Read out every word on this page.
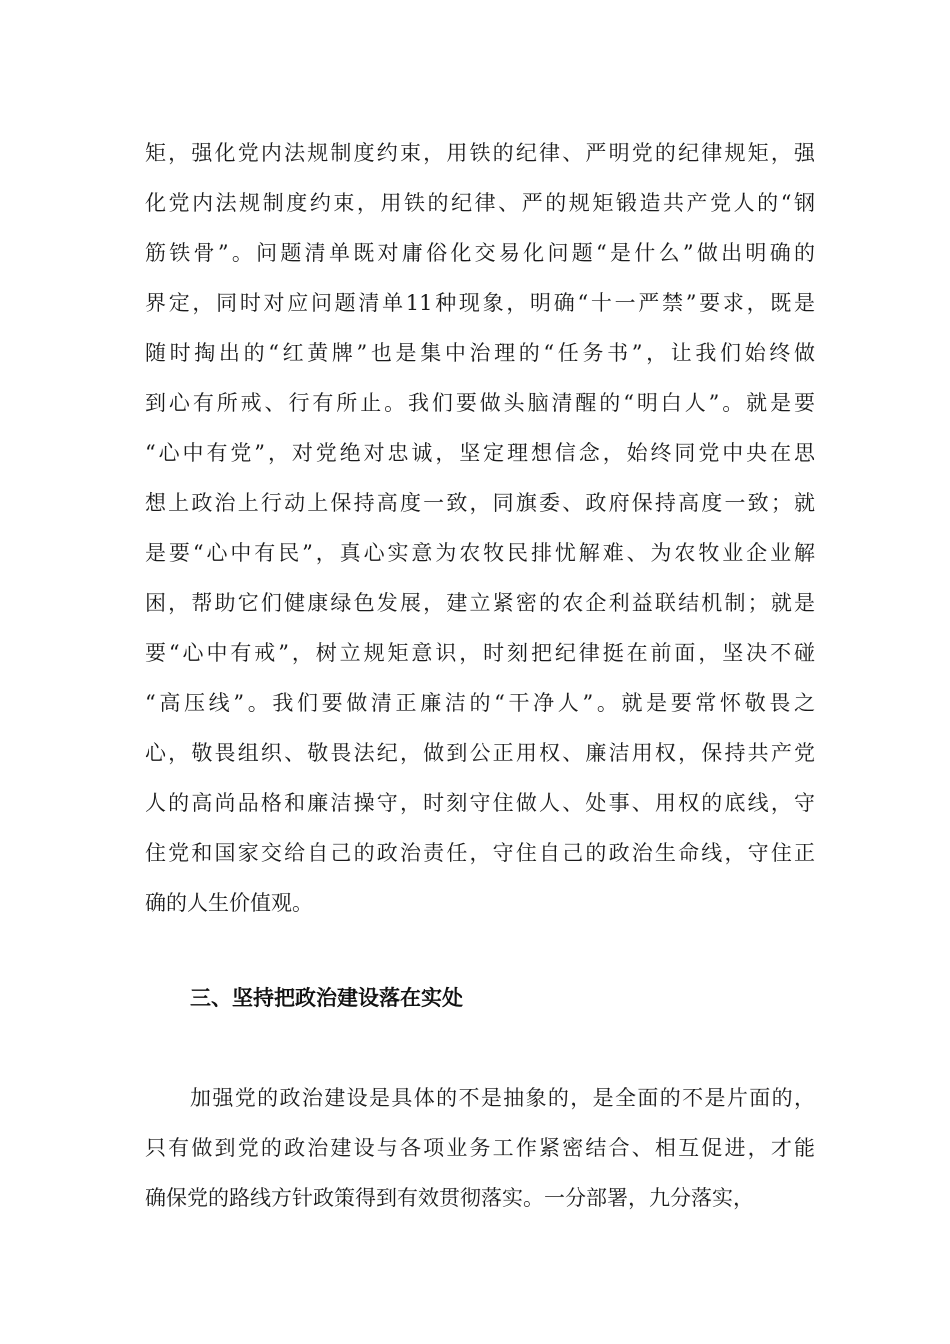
矩，强化党内法规制度约束，用铁的纪律、严明党的纪律规矩，强
化党内法规制度约束，用铁的纪律、严的规矩锻造共产党人的“钢
筋铁骨”。问题清单既对庸俗化交易化问题“是什么”做出明确的
界定，同时对应问题清单11种现象，明确“十一严禁”要求，既是
随时掏出的“红黄牌”也是集中治理的“任务书”，让我们始终做
到心有所戒、行有所止。我们要做头脑清醒的“明白人”。就是要
“心中有党”，对党绝对忠诚，坚定理想信念，始终同党中央在思
想上政治上行动上保持高度一致，同旗委、政府保持高度一致；就
是要“心中有民”，真心实意为农牧民排忧解难、为农牧业企业解
困，帮助它们健康绿色发展，建立紧密的农企利益联结机制；就是
要“心中有戒”，树立规矩意识，时刻把纪律挺在前面，坚决不碰
“高压线”。我们要做清正廉洁的“干净人”。就是要常怀敬畏之
心，敬畏组织、敬畏法纪，做到公正用权、廉洁用权，保持共产党
人的高尚品格和廉洁操守，时刻守住做人、处事、用权的底线，守
住党和国家交给自己的政治责任，守住自己的政治生命线，守住正
确的人生价值观。
三、坚持把政治建设落在实处
加强党的政治建设是具体的不是抽象的，是全面的不是片面的，
只有做到党的政治建设与各项业务工作紧密结合、相互促进，才能
确保党的路线方针政策得到有效贯彻落实。一分部署，九分落实，
